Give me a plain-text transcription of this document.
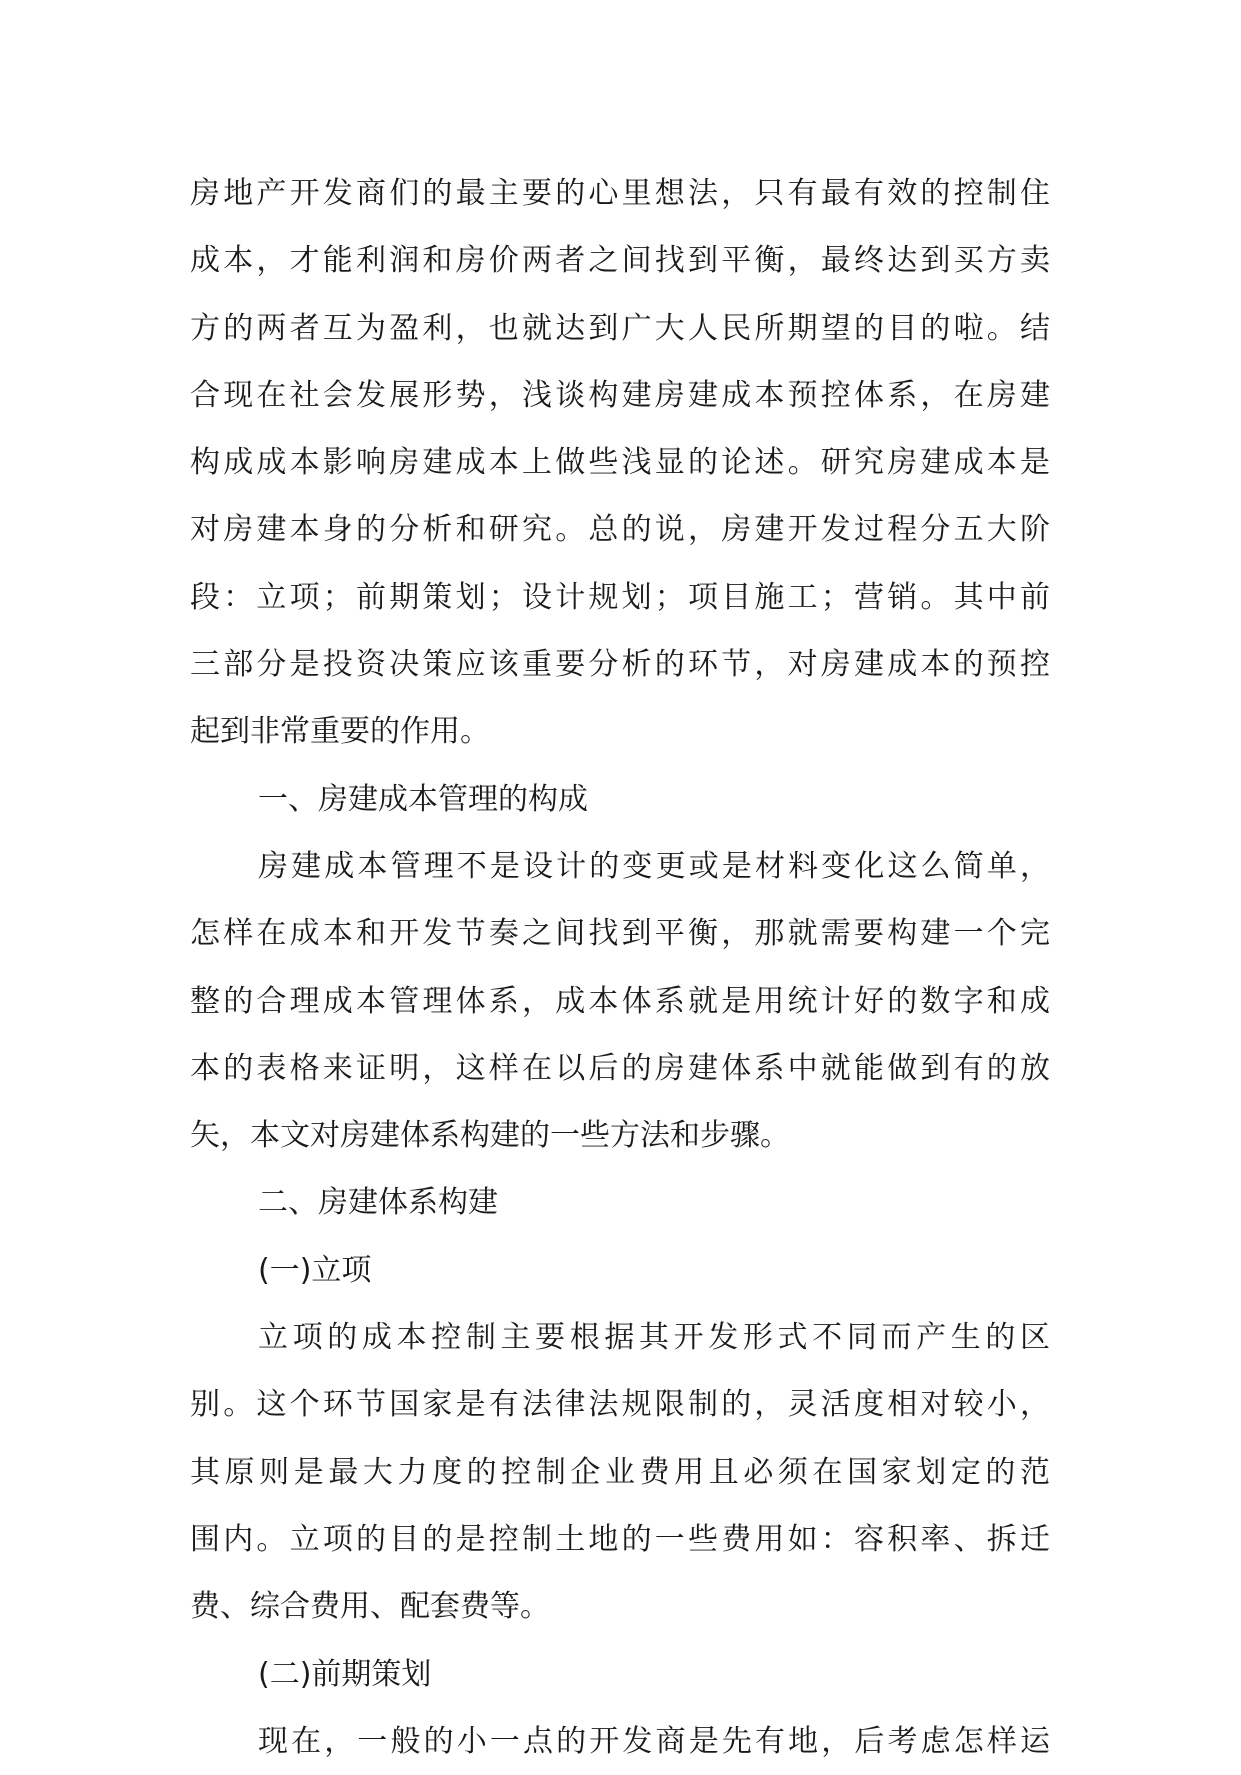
房地产开发商们的最主要的心里想法，只有最有效的控制住
成本，才能利润和房价两者之间找到平衡，最终达到买方卖
方的两者互为盈利，也就达到广大人民所期望的目的啦。结
合现在社会发展形势，浅谈构建房建成本预控体系，在房建
构成成本影响房建成本上做些浅显的论述。研究房建成本是
对房建本身的分析和研究。总的说，房建开发过程分五大阶
段：立项；前期策划；设计规划；项目施工；营销。其中前
三部分是投资决策应该重要分析的环节，对房建成本的预控
起到非常重要的作用。
一、房建成本管理的构成
房建成本管理不是设计的变更或是材料变化这么简单，
怎样在成本和开发节奏之间找到平衡，那就需要构建一个完
整的合理成本管理体系，成本体系就是用统计好的数字和成
本的表格来证明，这样在以后的房建体系中就能做到有的放
矢，本文对房建体系构建的一些方法和步骤。
二、房建体系构建
(一)立项
立项的成本控制主要根据其开发形式不同而产生的区
别。这个环节国家是有法律法规限制的，灵活度相对较小，
其原则是最大力度的控制企业费用且必须在国家划定的范
围内。立项的目的是控制土地的一些费用如：容积率、拆迁
费、综合费用、配套费等。
(二)前期策划
现在，一般的小一点的开发商是先有地，后考虑怎样运
